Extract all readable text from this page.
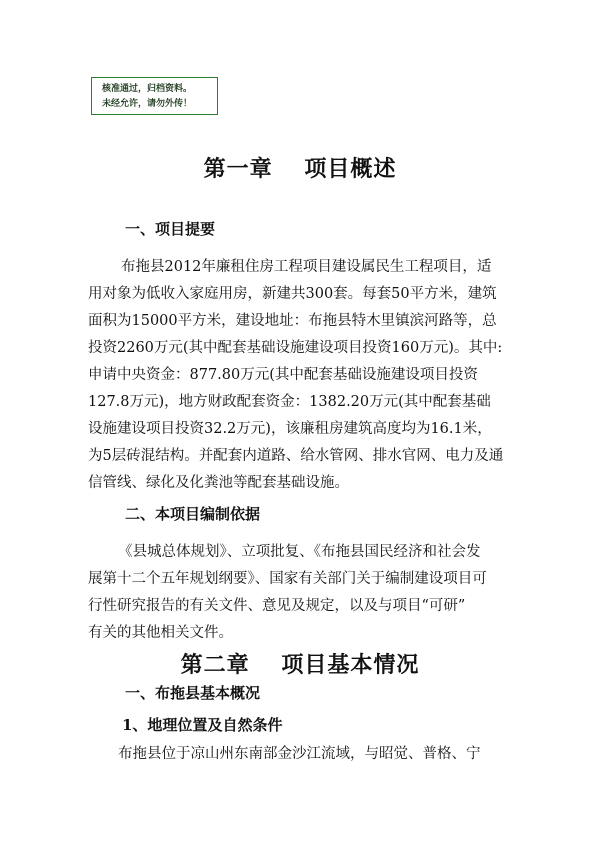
核准通过，归档资料。
未经允许，请勿外传！
第一章　 项目概述
一、项目提要
布拖县2012年廉租住房工程项目建设属民生工程项目，适
用对象为低收入家庭用房，新建共300套。每套50平方米，建筑
面积为15000平方米，建设地址：布拖县特木里镇滨河路等，总
投资2260万元(其中配套基础设施建设项目投资160万元)。其中:
申请中央资金：877.80万元(其中配套基础设施建设项目投资
127.8万元)，地方财政配套资金：1382.20万元(其中配套基础
设施建设项目投资32.2万元)，该廉租房建筑高度均为16.1米，
为5层砖混结构。并配套内道路、给水管网、排水官网、电力及通
信管线、绿化及化粪池等配套基础设施。
二、本项目编制依据
《县城总体规划》、立项批复、《布拖县国民经济和社会发
展第十二个五年规划纲要》、国家有关部门关于编制建设项目可
行性研究报告的有关文件、意见及规定，以及与项目“可研”
有关的其他相关文件。
第二章　 项目基本情况
一、布拖县基本概况
1、地理位置及自然条件
布拖县位于凉山州东南部金沙江流域，与昭觉、普格、宁
